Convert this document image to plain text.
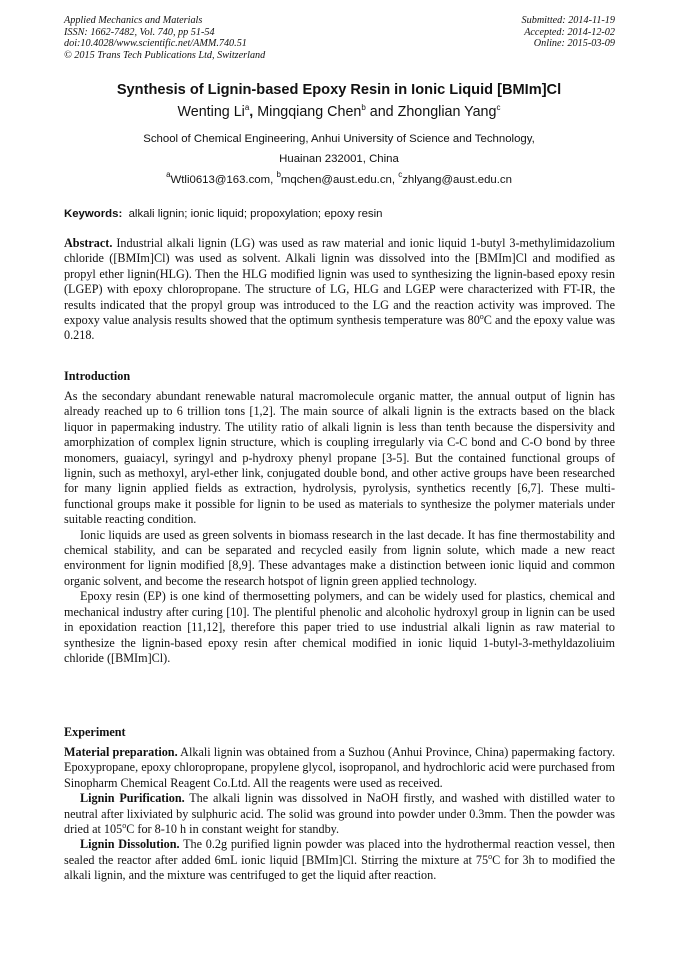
Applied Mechanics and Materials
ISSN: 1662-7482, Vol. 740, pp 51-54
doi:10.4028/www.scientific.net/AMM.740.51
© 2015 Trans Tech Publications Ltd, Switzerland
Submitted: 2014-11-19
Accepted: 2014-12-02
Online: 2015-03-09
Synthesis of Lignin-based Epoxy Resin in Ionic Liquid [BMIm]Cl
Wenting Li$^a$, Mingqiang Chen$^b$ and Zhonglian Yang$^c$
School of Chemical Engineering, Anhui University of Science and Technology,
Huainan 232001, China
$^a$Wtli0613@163.com, $^b$mqchen@aust.edu.cn, $^c$zhlyang@aust.edu.cn
Keywords: alkali lignin; ionic liquid; propoxylation; epoxy resin

Abstract. Industrial alkali lignin (LG) was used as raw material and ionic liquid 1-butyl 3-methylimidazolium chloride ([BMIm]Cl) was used as solvent. Alkali lignin was dissolved into the [BMIm]Cl and modified as propyl ether lignin(HLG). Then the HLG modified lignin was used to synthesizing the lignin-based epoxy resin (LGEP) with epoxy chloropropane. The structure of LG, HLG and LGEP were characterized with FT-IR, the results indicated that the propyl group was introduced to the LG and the reaction activity was improved. The expoxy value analysis results showed that the optimum synthesis temperature was 80$^o$C and the epoxy value was 0.218.

Introduction

As the secondary abundant renewable natural macromolecule organic matter, the annual output of lignin has already reached up to 6 trillion tons [1,2]. The main source of alkali lignin is the extracts based on the black liquor in papermaking industry. The utility ratio of alkali lignin is less than tenth because the dispersivity and amorphization of complex lignin structure, which is coupling irregularly via C-C bond and C-O bond by three monomers, guaiacyl, syringyl and p-hydroxy phenyl propane [3-5]. But the contained functional groups of lignin, such as methoxyl, aryl-ether link, conjugated double bond, and other active groups have been researched for many lignin applied fields as extraction, hydrolysis, pyrolysis, synthetics recently [6,7]. These multi-functional groups make it possible for lignin to be used as materials to synthesize the polymer materials under suitable reacting condition.

Ionic liquids are used as green solvents in biomass research in the last decade. It has fine thermostability and chemical stability, and can be separated and recycled easily from lignin solute, which made a new react environment for lignin modified [8,9]. These advantages make a distinction between ionic liquid and common organic solvent, and become the research hotspot of lignin green applied technology.

Epoxy resin (EP) is one kind of thermosetting polymers, and can be widely used for plastics, chemical and mechanical industry after curing [10]. The plentiful phenolic and alcoholic hydroxyl group in lignin can be used in epoxidation reaction [11,12], therefore this paper tried to use industrial alkali lignin as raw material to synthesize the lignin-based epoxy resin after chemical modified in ionic liquid 1-butyl-3-methyldazoliuim chloride ([BMIm]Cl).

Experiment

Material preparation. Alkali lignin was obtained from a Suzhou (Anhui Province, China) papermaking factory. Epoxypropane, epoxy chloropropane, propylene glycol, isopropanol, and hydrochloric acid were purchased from Sinopharm Chemical Reagent Co.Ltd. All the reagents were used as received.

Lignin Purification. The alkali lignin was dissolved in NaOH firstly, and washed with distilled water to neutral after lixiviated by sulphuric acid. The solid was ground into powder under 0.3mm. Then the powder was dried at 105$^o$C for 8-10 h in constant weight for standby.

Lignin Dissolution. The 0.2g purified lignin powder was placed into the hydrothermal reaction vessel, then sealed the reactor after added 6mL ionic liquid [BMIm]Cl. Stirring the mixture at 75$^o$C for 3h to modified the alkali lignin, and the mixture was centrifuged to get the liquid after reaction.
